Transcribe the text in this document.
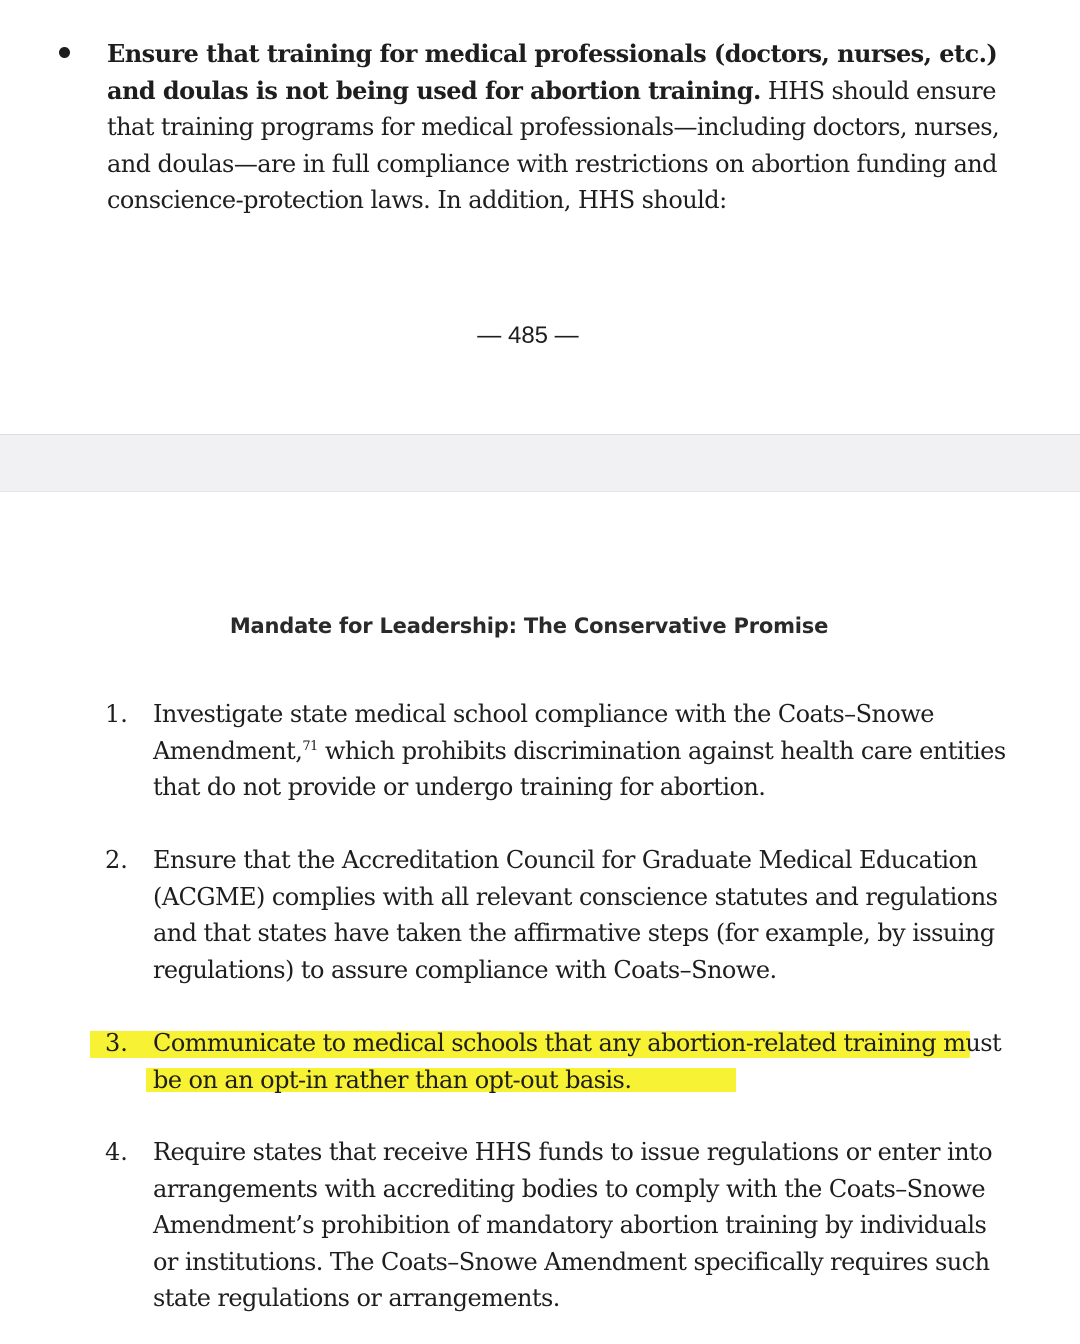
Ensure that training for medical professionals (doctors, nurses, etc.) and doulas is not being used for abortion training. HHS should ensure that training programs for medical professionals—including doctors, nurses, and doulas—are in full compliance with restrictions on abortion funding and conscience-protection laws. In addition, HHS should:

— 485 —
Mandate for Leadership: The Conservative Promise
1. Investigate state medical school compliance with the Coats–Snowe Amendment,$^{71}$ which prohibits discrimination against health care entities that do not provide or undergo training for abortion.

2. Ensure that the Accreditation Council for Graduate Medical Education (ACGME) complies with all relevant conscience statutes and regulations and that states have taken the affirmative steps (for example, by issuing regulations) to assure compliance with Coats–Snowe.

3. Communicate to medical schools that any abortion-related training must be on an opt-in rather than opt-out basis.

4. Require states that receive HHS funds to issue regulations or enter into arrangements with accrediting bodies to comply with the Coats–Snowe Amendment’s prohibition of mandatory abortion training by individuals or institutions. The Coats–Snowe Amendment specifically requires such state regulations or arrangements.
